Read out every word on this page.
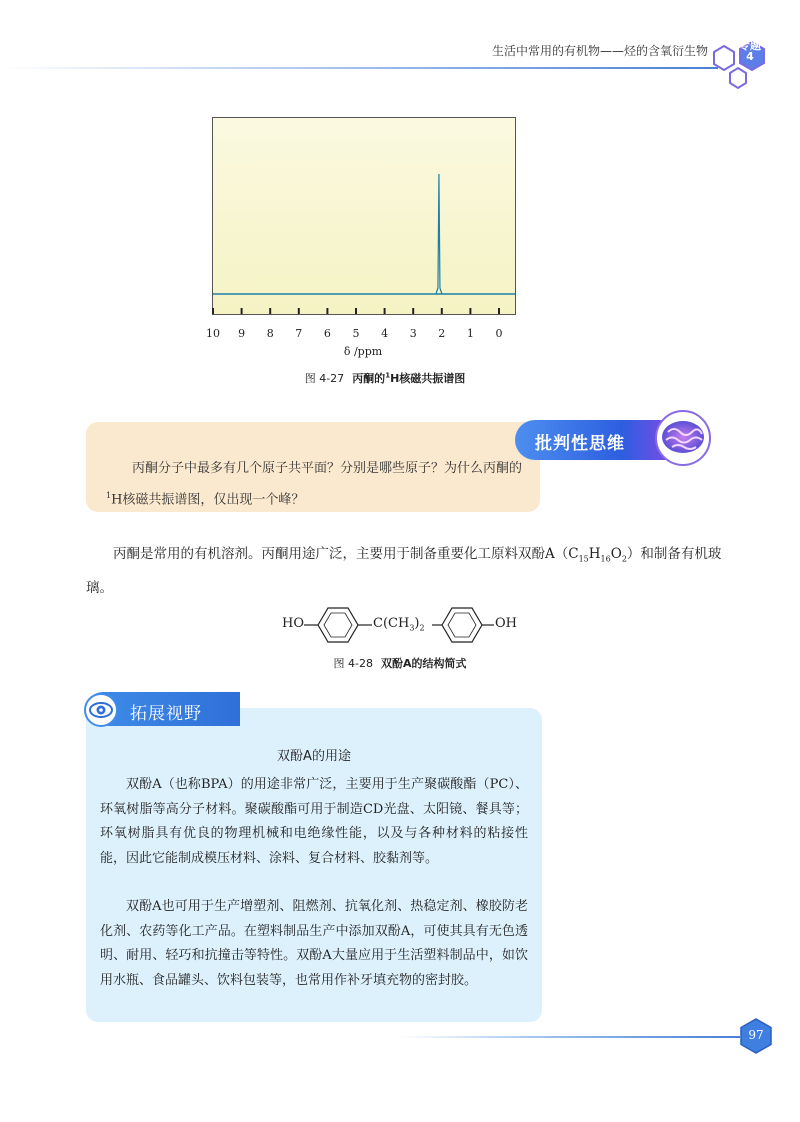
生活中常用的有机物——烃的含氧衍生物	专题
4
10 9 8 7 6 5 4 3 2 1 0
δ /ppm
图 4-27 丙酮的$^1$H核磁共振谱图
批判性思维
丙酮分子中最多有几个原子共平面？分别是哪些原子？为什么丙酮的$^1$H核磁共振谱图，仅出现一个峰？
丙酮是常用的有机溶剂。丙酮用途广泛，主要用于制备重要化工原料双酚$A(C_{15}H_{16}O_2)$和制备有机玻璃。
HO	$C(CH_3)_2$	OH
图 4-28 双酚A的结构简式
拓展视野
双酚A的用途
双酚A（也称BPA）的用途非常广泛，主要用于生产聚碳酸酯（PC）、环氧树脂等高分子材料。聚碳酸酯可用于制造CD光盘、太阳镜、餐具等；环氧树脂具有优良的物理机械和电绝缘性能，以及与各种材料的粘接性能，因此它能制成模压材料、涂料、复合材料、胶黏剂等。
双酚A也可用于生产增塑剂、阻燃剂、抗氧化剂、热稳定剂、橡胶防老化剂、农药等化工产品。在塑料制品生产中添加双酚A，可使其具有无色透明、耐用、轻巧和抗撞击等特性。双酚A大量应用于生活塑料制品中，如饮用水瓶、食品罐头、饮料包装等，也常用作补牙填充物的密封胶。
97
